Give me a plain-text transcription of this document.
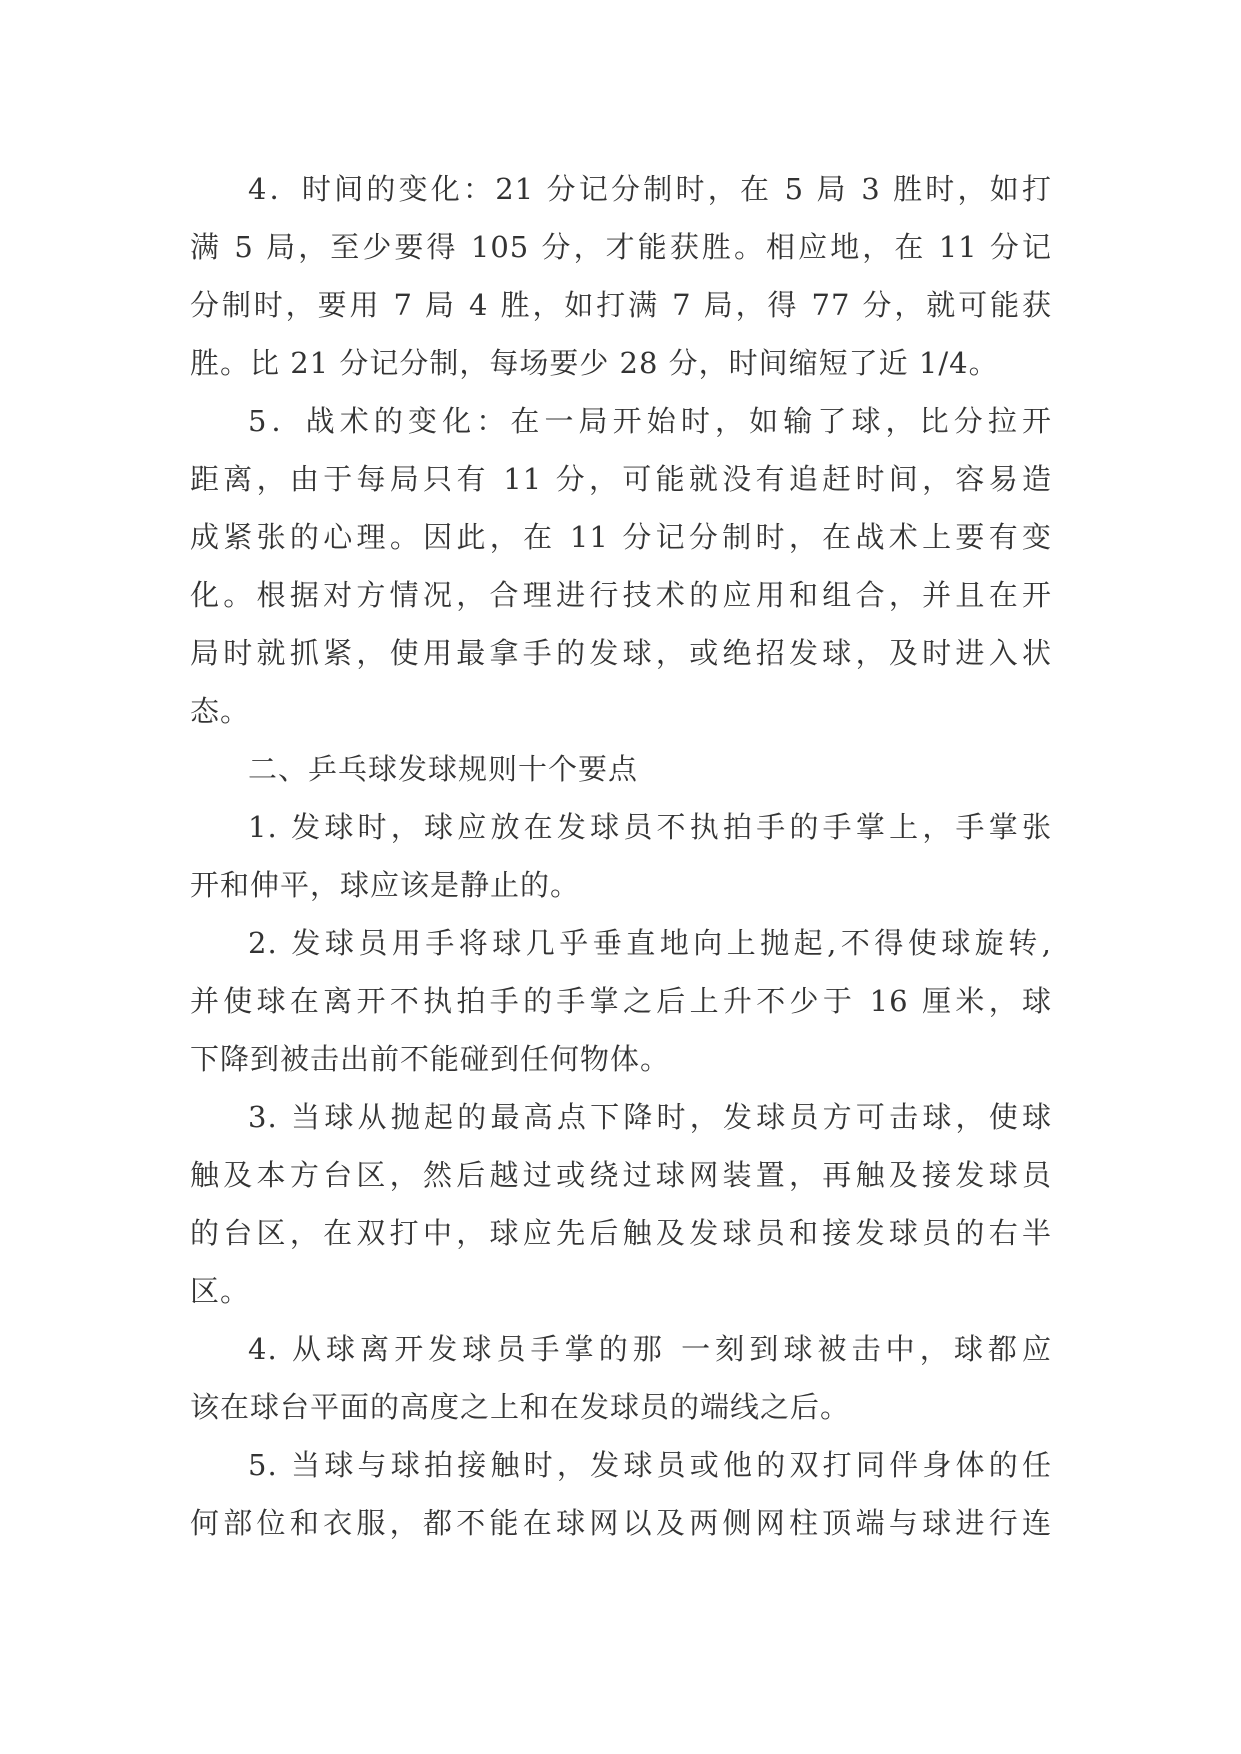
4．时间的变化：21 分记分制时，在 5 局 3 胜时，如打
满 5 局，至少要得 105 分，才能获胜。相应地，在 11 分记
分制时，要用 7 局 4 胜，如打满 7 局，得 77 分，就可能获
胜。比 21 分记分制，每场要少 28 分，时间缩短了近 1/4。
5．战术的变化：在一局开始时，如输了球，比分拉开
距离，由于每局只有 11 分，可能就没有追赶时间，容易造
成紧张的心理。因此，在 11 分记分制时，在战术上要有变
化。根据对方情况，合理进行技术的应用和组合，并且在开
局时就抓紧，使用最拿手的发球，或绝招发球，及时进入状
态。
二、乒乓球发球规则十个要点
1. 发球时，球应放在发球员不执拍手的手掌上，手掌张
开和伸平，球应该是静止的。
2. 发球员用手将球几乎垂直地向上抛起,不得使球旋转,
并使球在离开不执拍手的手掌之后上升不少于 16 厘米，球
下降到被击出前不能碰到任何物体。
3. 当球从抛起的最高点下降时，发球员方可击球，使球
触及本方台区，然后越过或绕过球网装置，再触及接发球员
的台区，在双打中，球应先后触及发球员和接发球员的右半
区。
4. 从球离开发球员手掌的那 一刻到球被击中，球都应
该在球台平面的高度之上和在发球员的端线之后。
5. 当球与球拍接触时，发球员或他的双打同伴身体的任
何部位和衣服，都不能在球网以及两侧网柱顶端与球进行连
